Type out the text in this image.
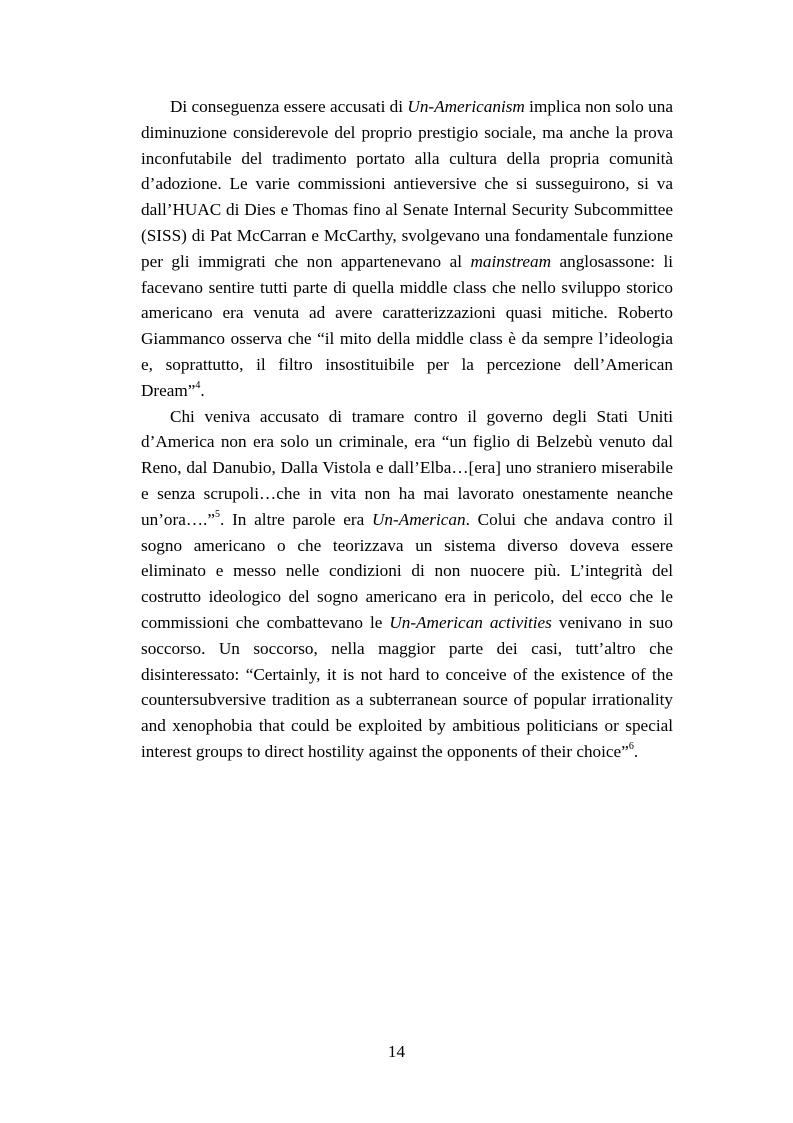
Di conseguenza essere accusati di Un-Americanism implica non solo una diminuzione considerevole del proprio prestigio sociale, ma anche la prova inconfutabile del tradimento portato alla cultura della propria comunità d’adozione. Le varie commissioni antieversive che si susseguirono, si va dall’HUAC di Dies e Thomas fino al Senate Internal Security Subcommittee (SISS) di Pat McCarran e McCarthy, svolgevano una fondamentale funzione per gli immigrati che non appartenevano al mainstream anglosassone: li facevano sentire tutti parte di quella middle class che nello sviluppo storico americano era venuta ad avere caratterizzazioni quasi mitiche. Roberto Giammanco osserva che “il mito della middle class è da sempre l’ideologia e, soprattutto, il filtro insostituibile per la percezione dell’American Dream”$^4$.

Chi veniva accusato di tramare contro il governo degli Stati Uniti d’America non era solo un criminale, era “un figlio di Belzebù venuto dal Reno, dal Danubio, Dalla Vistola e dall’Elba…[era] uno straniero miserabile e senza scrupoli…che in vita non ha mai lavorato onestamente neanche un’ora….”$^5$. In altre parole era Un-American. Colui che andava contro il sogno americano o che teorizzava un sistema diverso doveva essere eliminato e messo nelle condizioni di non nuocere più. L’integrità del costrutto ideologico del sogno americano era in pericolo, del ecco che le commissioni che combattevano le Un-American activities venivano in suo soccorso. Un soccorso, nella maggior parte dei casi, tutt’altro che disinteressato: “Certainly, it is not hard to conceive of the existence of the countersubversive tradition as a subterranean source of popular irrationality and xenophobia that could be exploited by ambitious politicians or special interest groups to direct hostility against the opponents of their choice”$^6$.

14
